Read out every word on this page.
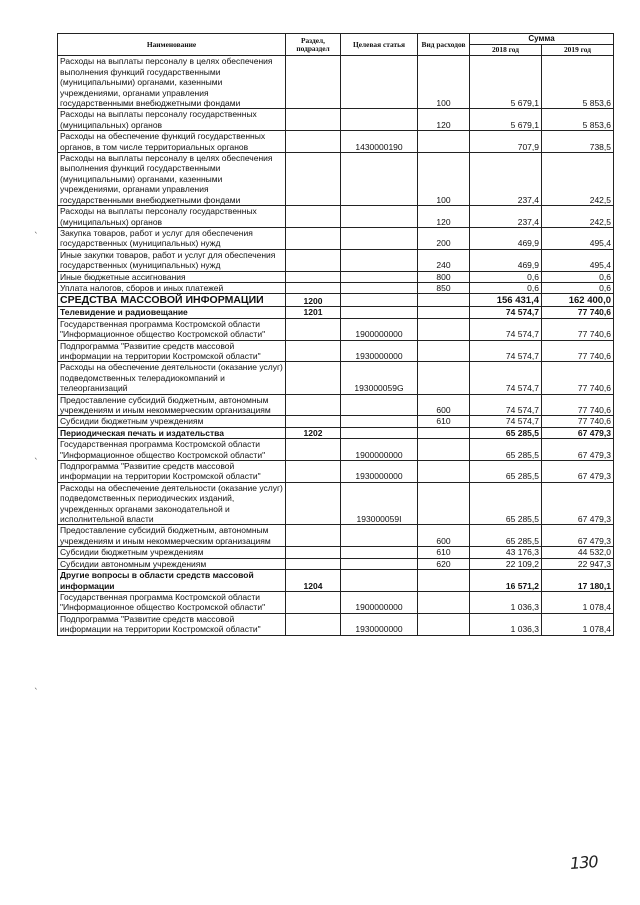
Наименование	Раздел, подраздел	Целевая статья	Вид расходов	Сумма	
				2018 год	2019 год
Расходы на выплаты персоналу в целях обеспечения выполнения функций государственными (муниципальными) органами, казенными учреждениями, органами управления государственными внебюджетными фондами			100	5 679,1	5 853,6
Расходы на выплаты персоналу государственных (муниципальных) органов			120	5 679,1	5 853,6
Расходы на обеспечение функций государственных органов, в том числе территориальных органов		1430000190		707,9	738,5
Расходы на выплаты персоналу в целях обеспечения выполнения функций государственными (муниципальными) органами, казенными учреждениями, органами управления государственными внебюджетными фондами			100	237,4	242,5
Расходы на выплаты персоналу государственных (муниципальных) органов			120	237,4	242,5
Закупка товаров, работ и услуг для обеспечения государственных (муниципальных) нужд			200	469,9	495,4
Иные закупки товаров, работ и услуг для обеспечения государственных (муниципальных) нужд			240	469,9	495,4
Иные бюджетные ассигнования			800	0,6	0,6
Уплата налогов, сборов и иных платежей			850	0,6	0,6
СРЕДСТВА МАССОВОЙ ИНФОРМАЦИИ	1200			156 431,4	162 400,0
Телевидение и радиовещание	1201			74 574,7	77 740,6
Государственная программа Костромской области "Информационное общество Костромской области"		1900000000		74 574,7	77 740,6
Подпрограмма "Развитие средств массовой информации на территории Костромской области"		1930000000		74 574,7	77 740,6
Расходы на обеспечение деятельности (оказание услуг) подведомственных телерадиокомпаний и телеорганизаций		193000059G		74 574,7	77 740,6
Предоставление субсидий бюджетным, автономным учреждениям и иным некоммерческим организациям			600	74 574,7	77 740,6
Субсидии бюджетным учреждениям			610	74 574,7	77 740,6
Периодическая печать и издательства	1202			65 285,5	67 479,3
Государственная программа Костромской области "Информационное общество Костромской области"		1900000000		65 285,5	67 479,3
Подпрограмма "Развитие средств массовой информации на территории Костромской области"		1930000000		65 285,5	67 479,3
Расходы на обеспечение деятельности (оказание услуг) подведомственных периодических изданий, учрежденных органами законодательной и исполнительной власти		193000059I		65 285,5	67 479,3
Предоставление субсидий бюджетным, автономным учреждениям и иным некоммерческим организациям			600	65 285,5	67 479,3
Субсидии бюджетным учреждениям			610	43 176,3	44 532,0
Субсидии автономным учреждениям			620	22 109,2	22 947,3
Другие вопросы в области средств массовой информации	1204			16 571,2	17 180,1
Государственная программа Костромской области "Информационное общество Костромской области"		1900000000		1 036,3	1 078,4
Подпрограмма "Развитие средств массовой информации на территории Костромской области"		1930000000		1 036,3	1 078,4
`
`
`
130
